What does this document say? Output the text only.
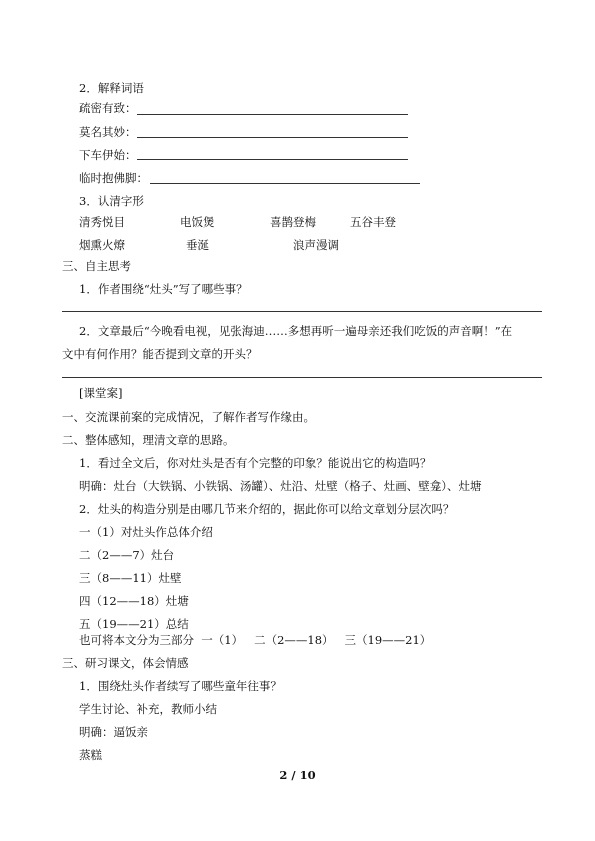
2．解释词语
疏密有致：
莫名其妙：
下车伊始：
临时抱佛脚：
3．认清字形
清秀悦目	电饭煲	喜鹊登梅	五谷丰登
烟熏火燎	垂涎	浪声漫调
三、自主思考
1．作者围绕“灶头”写了哪些事？
2．文章最后“今晚看电视，见张海迪……多想再听一遍母亲还我们吃饭的声音啊！”在
文中有何作用？能否提到文章的开头？
[课堂案]
一、交流课前案的完成情况，了解作者写作缘由。
二、整体感知，理清文章的思路。
1．看过全文后，你对灶头是否有个完整的印象？能说出它的构造吗？
明确：灶台（大铁锅、小铁锅、汤罐）、灶沿、灶壁（格子、灶画、壁龛）、灶塘
2．灶头的构造分别是由哪几节来介绍的，据此你可以给文章划分层次吗？
一（1）对灶头作总体介绍
二（2——7）灶台
三（8——11）灶壁
四（12——18）灶塘
五（19——21）总结
也可将本文分为三部分  一（1）   二（2——18）   三（19——21）
三、研习课文，体会情感
1．围绕灶头作者续写了哪些童年往事？
学生讨论、补充，教师小结
明确：逼饭亲
蒸糕
2 / 10
